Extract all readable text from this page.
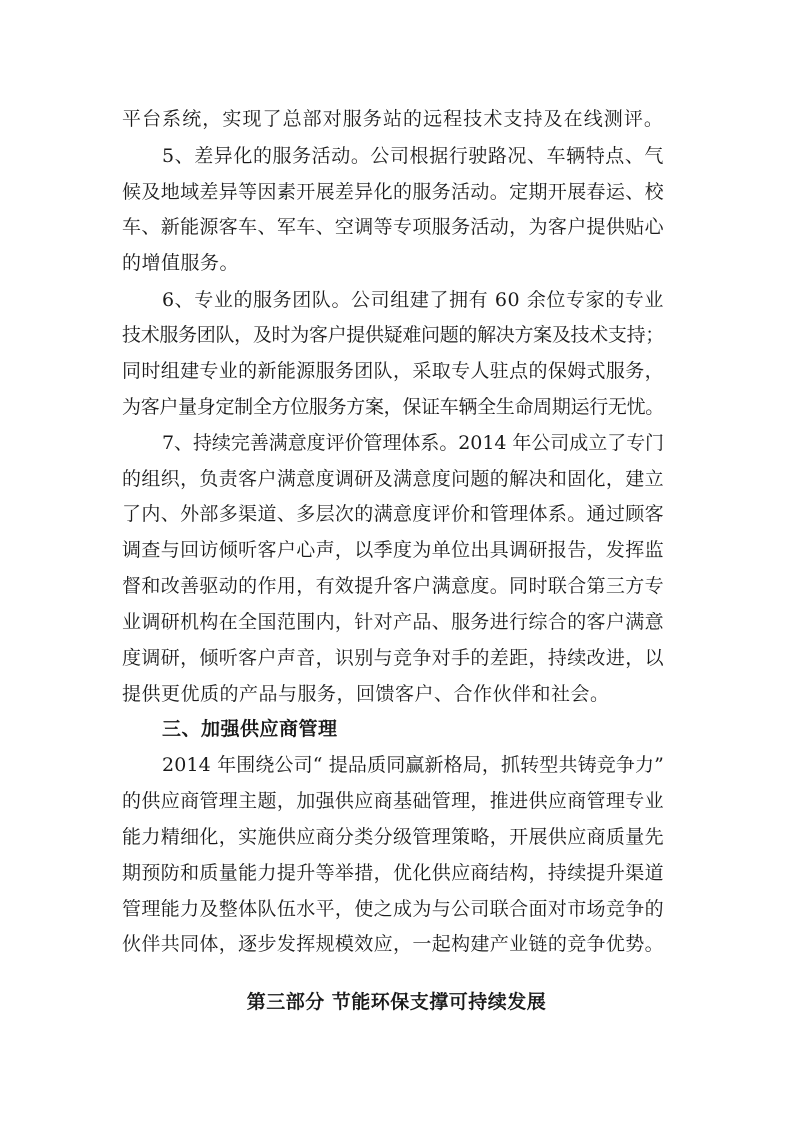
平台系统，实现了总部对服务站的远程技术支持及在线测评。
5、差异化的服务活动。公司根据行驶路况、车辆特点、气
候及地域差异等因素开展差异化的服务活动。定期开展春运、校
车、新能源客车、军车、空调等专项服务活动，为客户提供贴心
的增值服务。
6、专业的服务团队。公司组建了拥有 60 余位专家的专业
技术服务团队，及时为客户提供疑难问题的解决方案及技术支持；
同时组建专业的新能源服务团队，采取专人驻点的保姆式服务，
为客户量身定制全方位服务方案，保证车辆全生命周期运行无忧。
7、持续完善满意度评价管理体系。2014 年公司成立了专门
的组织，负责客户满意度调研及满意度问题的解决和固化，建立
了内、外部多渠道、多层次的满意度评价和管理体系。通过顾客
调查与回访倾听客户心声，以季度为单位出具调研报告，发挥监
督和改善驱动的作用，有效提升客户满意度。同时联合第三方专
业调研机构在全国范围内，针对产品、服务进行综合的客户满意
度调研，倾听客户声音，识别与竞争对手的差距，持续改进，以
提供更优质的产品与服务，回馈客户、合作伙伴和社会。
三、加强供应商管理
2014 年围绕公司“ 提品质同赢新格局，抓转型共铸竞争力”
的供应商管理主题，加强供应商基础管理，推进供应商管理专业
能力精细化，实施供应商分类分级管理策略，开展供应商质量先
期预防和质量能力提升等举措，优化供应商结构，持续提升渠道
管理能力及整体队伍水平，使之成为与公司联合面对市场竞争的
伙伴共同体，逐步发挥规模效应，一起构建产业链的竞争优势。
第三部分 节能环保支撑可持续发展
